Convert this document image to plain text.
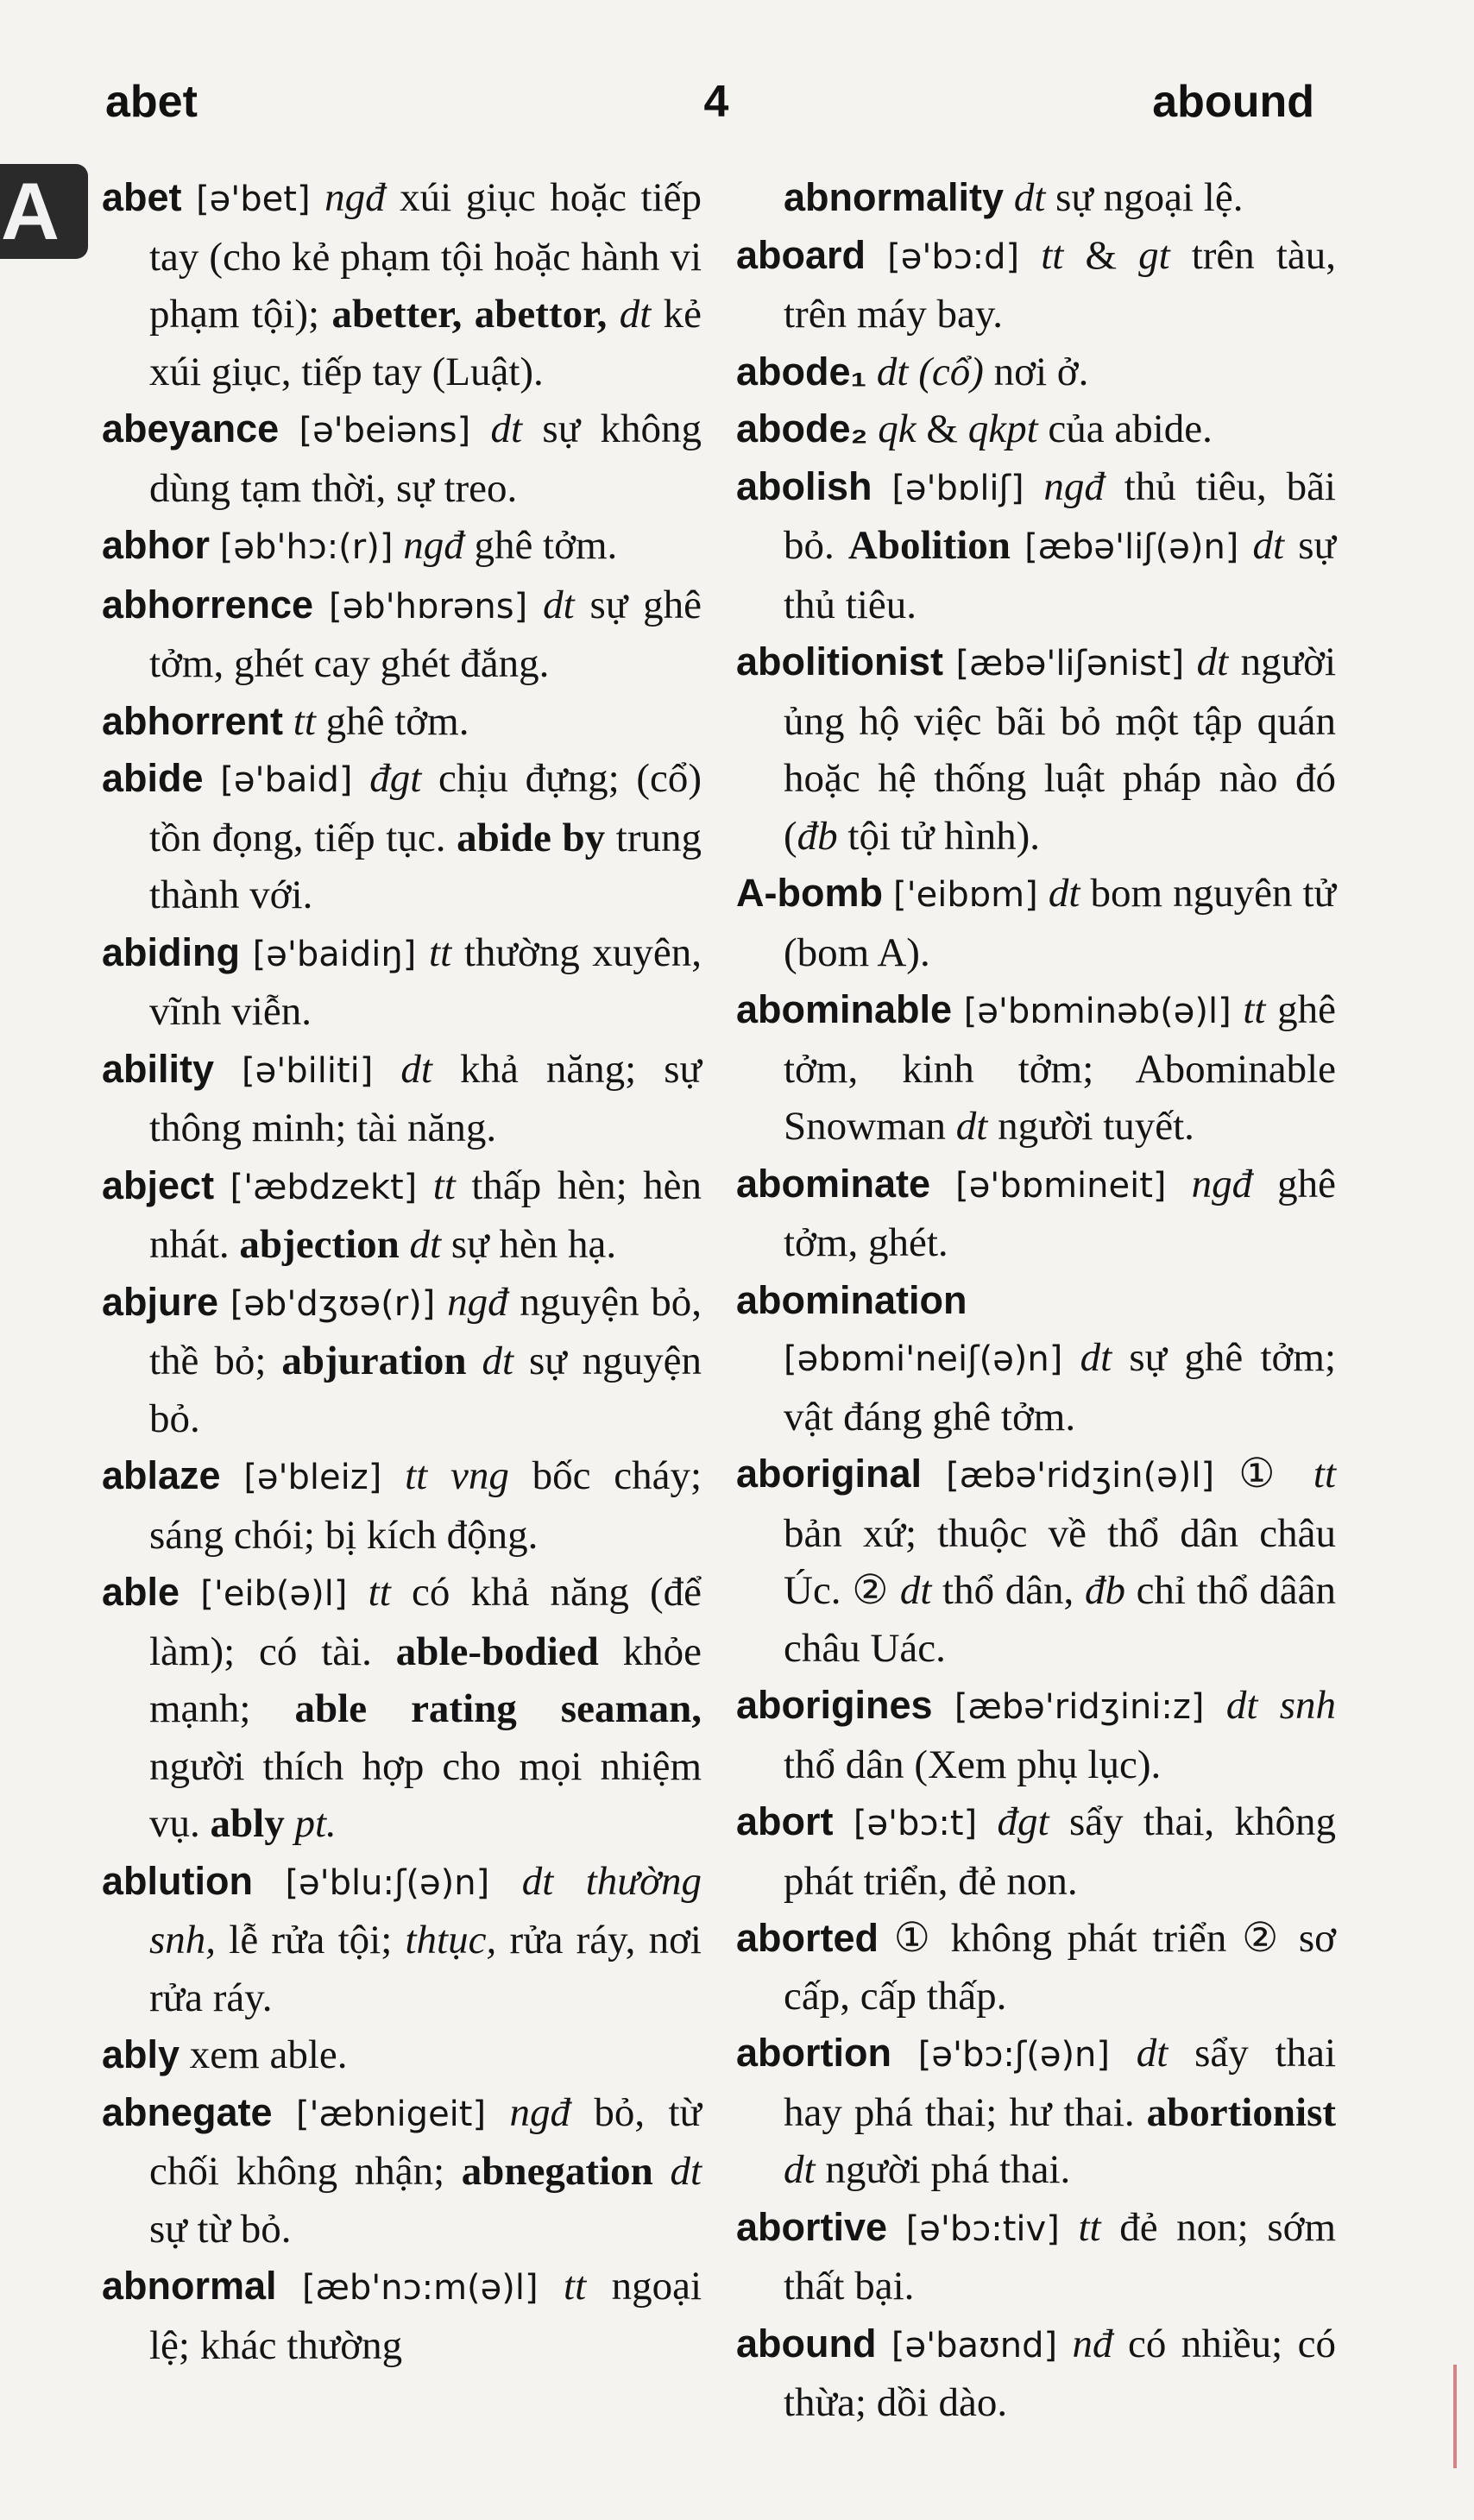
abet	4	abound
A abet [ə'bet] ngđ xúi giục hoặc tiếp tay (cho kẻ phạm tội hoặc hành vi phạm tội); abetter, abettor, dt kẻ xúi giục, tiếp tay (Luật).

abeyance [ə'beiəns] dt sự không dùng tạm thời, sự treo.

abhor [əb'hɔ:(r)] ngđ ghê tởm.

abhorrence [əb'hɒrəns] dt sự ghê tởm, ghét cay ghét đắng.

abhorrent tt ghê tởm.

abide [ə'baid] đgt chịu đựng; (cổ) tồn đọng, tiếp tục. abide by trung thành với.

abiding [ə'baidiŋ] tt thường xuyên, vĩnh viễn.

ability [ə'biliti] dt khả năng; sự thông minh; tài năng.

abject ['æbdzekt] tt thấp hèn; hèn nhát. abjection dt sự hèn hạ.

abjure [əb'dʒʊə(r)] ngđ nguyện bỏ, thề bỏ; abjuration dt sự nguyện bỏ.

ablaze [ə'bleiz] tt vng bốc cháy; sáng chói; bị kích động.

able ['eib(ə)l] tt có khả năng (để làm); có tài. able-bodied khỏe mạnh; able rating seaman, người thích hợp cho mọi nhiệm vụ. ably pt.

ablution [ə'blu:ʃ(ə)n] dt thường snh, lễ rửa tội; thtục, rửa ráy, nơi rửa ráy.

ably xem able.

abnegate ['æbnigeit] ngđ bỏ, từ chối không nhận; abnegation dt sự từ bỏ.

abnormal [æb'nɔ:m(ə)l] tt ngoại lệ; khác thường

abnormality dt sự ngoại lệ.

aboard [ə'bɔ:d] tt & gt trên tàu, trên máy bay.

abode₁ dt (cổ) nơi ở.

abode₂ qk & qkpt của abide.

abolish [ə'bɒliʃ] ngđ thủ tiêu, bãi bỏ. Abolition [æbə'liʃ(ə)n] dt sự thủ tiêu.

abolitionist [æbə'liʃənist] dt người ủng hộ việc bãi bỏ một tập quán hoặc hệ thống luật pháp nào đó (đb tội tử hình).

A-bomb ['eibɒm] dt bom nguyên tử (bom A).

abominable [ə'bɒminəb(ə)l] tt ghê tởm, kinh tởm; Abominable Snowman dt người tuyết.

abominate [ə'bɒmineit] ngđ ghê tởm, ghét.

abomination
[əbɒmi'neiʃ(ə)n] dt sự ghê tởm; vật đáng ghê tởm.

aboriginal [æbə'ridʒin(ə)l] ① tt bản xứ; thuộc về thổ dân châu Úc. ② dt thổ dân, đb chỉ thổ dâân châu Uác.

aborigines [æbə'ridʒini:z] dt snh thổ dân (Xem phụ lục).

abort [ə'bɔ:t] đgt sẩy thai, không phát triển, đẻ non.

aborted ① không phát triển ② sơ cấp, cấp thấp.

abortion [ə'bɔ:ʃ(ə)n] dt sẩy thai hay phá thai; hư thai. abortionist dt người phá thai.

abortive [ə'bɔ:tiv] tt đẻ non; sớm thất bại.

abound [ə'baʊnd] nđ có nhiều; có thừa; dồi dào.
